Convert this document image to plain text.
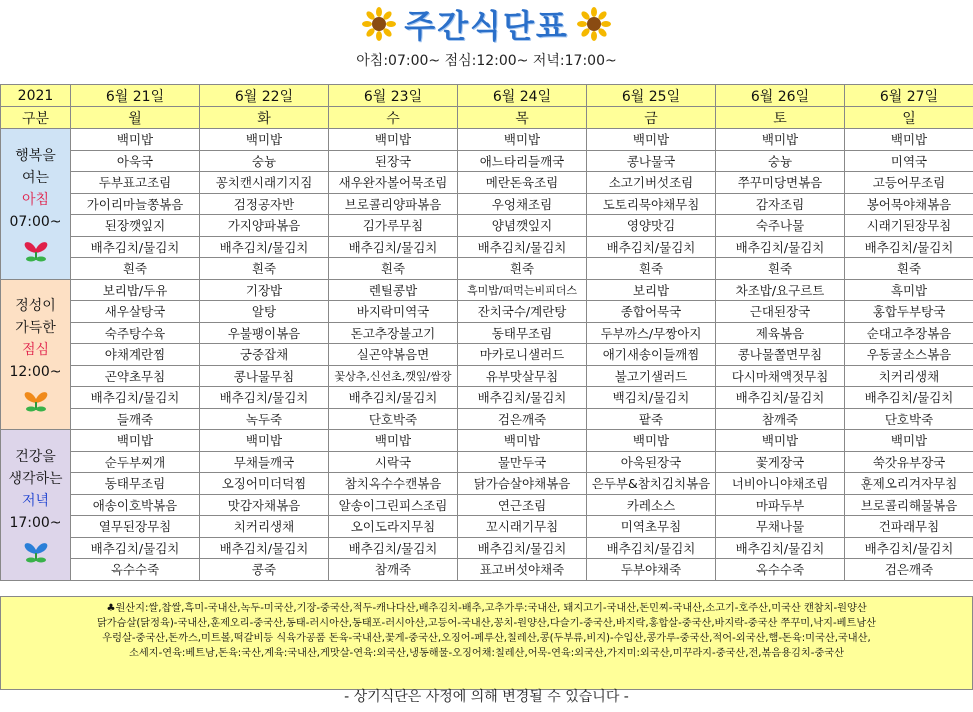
주간식단표
아침:07:00~ 점심:12:00~ 저녁:17:00~
2021	6월 21일	6월 22일	6월 23일	6월 24일	6월 25일	6월 26일	6월 27일
구분	월	화	수	목	금	토	일

행복을
여는
아침
07:00~	백미밥	백미밥	백미밥	백미밥	백미밥	백미밥	백미밥
	아욱국	숭늉	된장국	애느타리들깨국	콩나물국	숭늉	미역국
	두부표고조림	꽁치캔시래기지짐	새우완자볼어묵조림	메란돈육조림	소고기버섯조림	쭈꾸미당면볶음	고등어무조림
	가이리마늘쫑볶음	검정공자반	브로콜리양파볶음	우엉채조림	도토리묵야채무침	감자조림	봉어묵야채볶음
	된장깻잎지	가지양파볶음	김가루무침	양념깻잎지	영양맛김	숙주나물	시래기된장무침
	배추김치/물김치	배추김치/물김치	배추김치/물김치	배추김치/물김치	배추김치/물김치	배추김치/물김치	배추김치/물김치
	흰죽	흰죽	흰죽	흰죽	흰죽	흰죽	흰죽

정성이
가득한
점심
12:00~	보리밥/두유	기장밥	렌틸콩밥	흑미밥/떠먹는비피더스	보리밥	차조밥/요구르트	흑미밥
	새우살탕국	알탕	바지락미역국	잔치국수/계란탕	종합어묵국	근대된장국	홍합두부탕국
	숙주탕수육	우불팽이볶음	돈고추장불고기	동태무조림	두부까스/무짱아지	제육볶음	순대고추장볶음
	야채계란찜	궁중잡채	실곤약볶음면	마카로니샐러드	애기새송이들깨찜	콩나물쫄면무침	우동굴소스볶음
	곤약초무침	콩나물무침	꽃상추,신선초,깻잎/쌈장	유부맛살무침	불고기샐러드	다시마채액젓무침	치커리생채
	배추김치/물김치	배추김치/물김치	배추김치/물김치	배추김치/물김치	백김치/물김치	배추김치/물김치	배추김치/물김치
	들깨죽	녹두죽	단호박죽	검은깨죽	팥죽	참깨죽	단호박죽

건강을
생각하는
저녁
17:00~	백미밥	백미밥	백미밥	백미밥	백미밥	백미밥	백미밥
	순두부찌개	무채들깨국	시락국	물만두국	아욱된장국	꽃게장국	쑥갓유부장국
	동태무조림	오징어미더덕찜	참치옥수수캔볶음	닭가슴살야채볶음	은두부&참치김치볶음	너비아니야채조림	훈제오리겨자무침
	애송이호박볶음	맛감자채볶음	알송이그린피스조림	연근조림	카레소스	마파두부	브로콜리해물볶음
	열무된장무침	치커리생채	오이도라지무침	꼬시래기무침	미역초무침	무채나물	건파래무침
	배추김치/물김치	배추김치/물김치	배추김치/물김치	배추김치/물김치	배추김치/물김치	배추김치/물김치	배추김치/물김치
	옥수수죽	콩죽	참깨죽	표고버섯야채죽	두부야채죽	옥수수죽	검은깨죽
♣원산지:쌀,찹쌀,흑미-국내산,녹두-미국산,기장-중국산,적두-캐나다산,배추김치-배추,고추가루:국내산, 돼지고기-국내산,돈민찌-국내산,소고기-호주산,미국산 캔참치-원양산
닭가슴살(닭정육)-국내산,훈제오리-중국산,동태-러시아산,동태포-러시아산,고등어-국내산,꽁치-원양산,다슬기-중국산,바지락,홍합살-중국산,바지락-중국산 쭈꾸미,낙지-베트남산
우렁살-중국산,돈까스,미트볼,떡갈비등 식육가공품 돈육-국내산,꽃게-중국산,오징어-페루산,칠레산,콩(두부류,비지)-수입산,콩가루-중국산,적어-외국산,햄-돈육:미국산,국내산,
소세지-연육:베트남,돈육:국산,계육:국내산,게맛살-연육:외국산,냉동해물-오징어채:칠레산,어묵-연육:외국산,가지미:외국산,미꾸라지-중국산,전,볶음용김치-중국산
- 상기식단은 사정에 의해 변경될 수 있습니다 -
